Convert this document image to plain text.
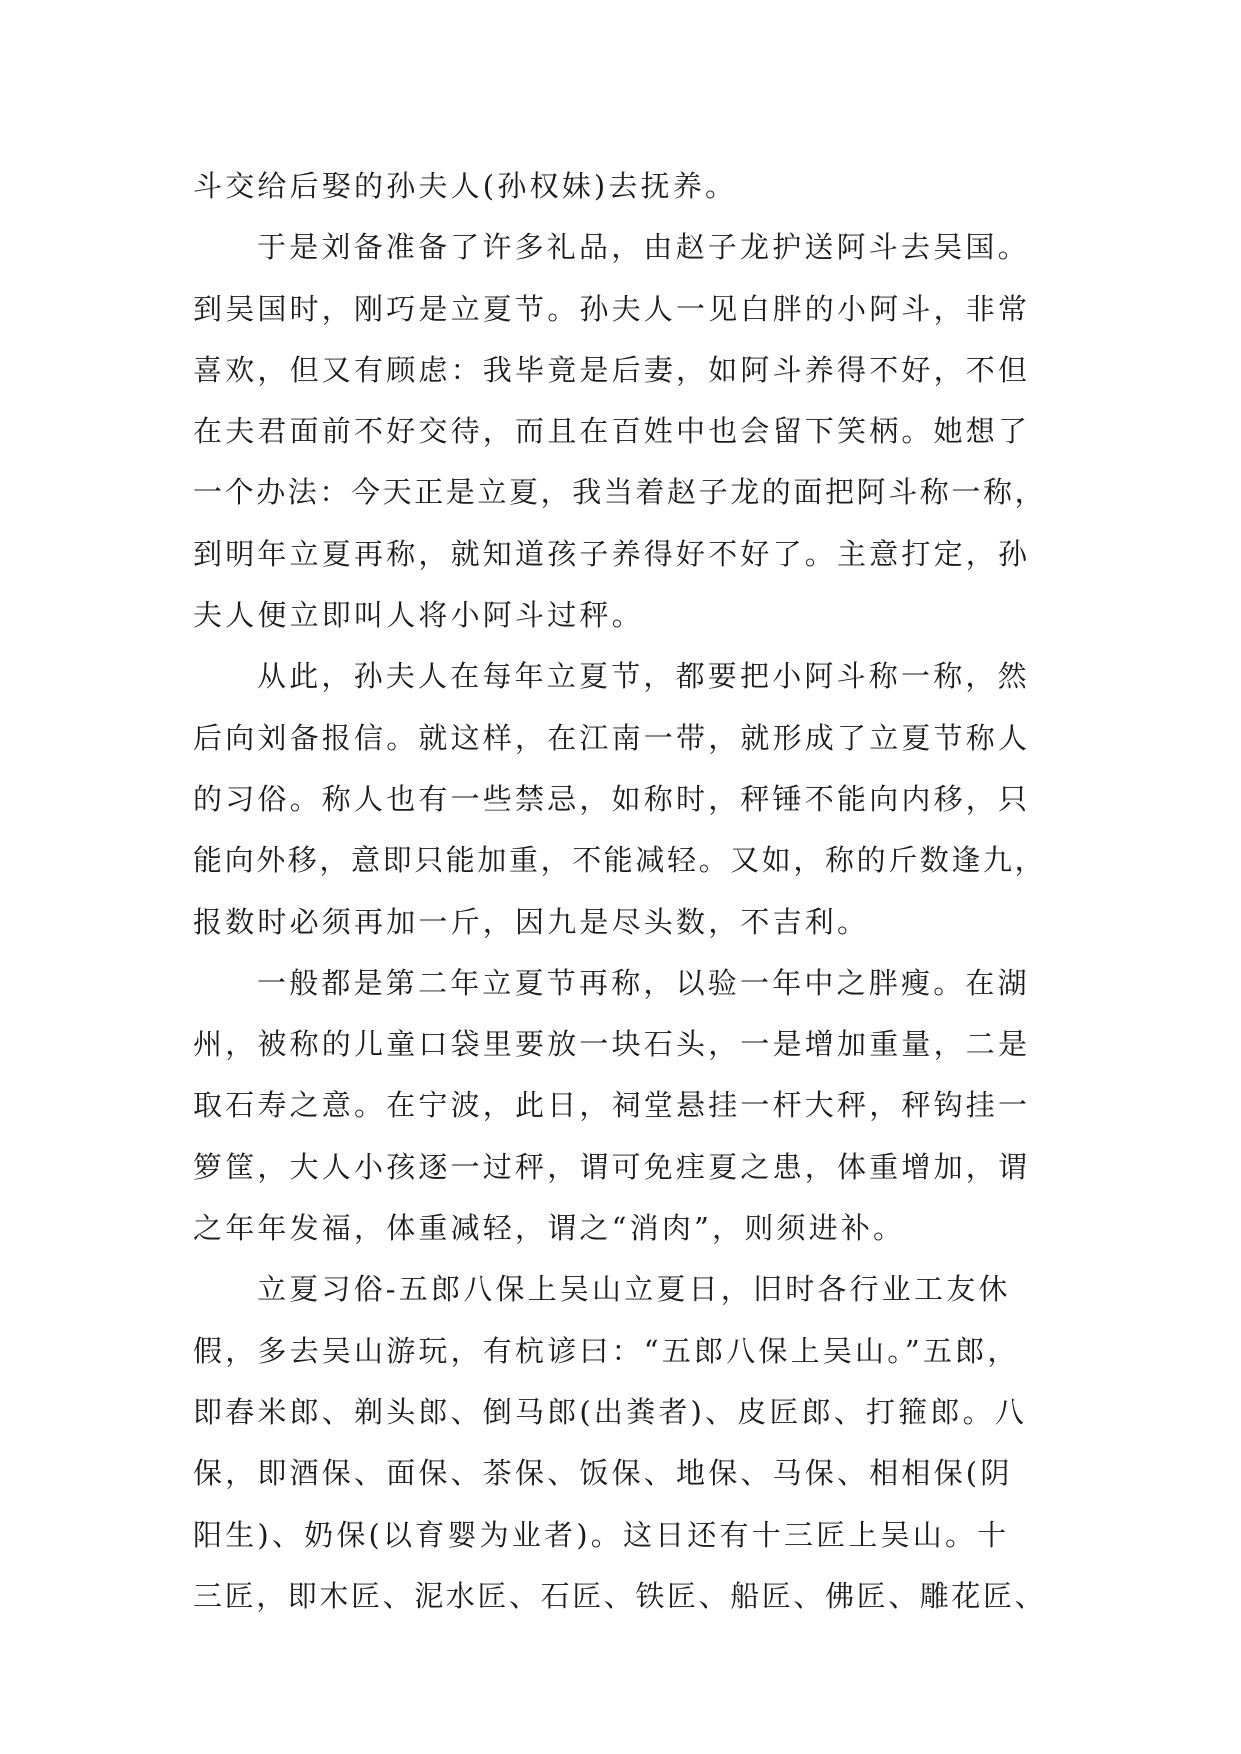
斗交给后娶的孙夫人(孙权妹)去抚养。
于是刘备准备了许多礼品，由赵子龙护送阿斗去吴国。
到吴国时，刚巧是立夏节。孙夫人一见白胖的小阿斗，非常
喜欢，但又有顾虑：我毕竟是后妻，如阿斗养得不好，不但
在夫君面前不好交待，而且在百姓中也会留下笑柄。她想了
一个办法：今天正是立夏，我当着赵子龙的面把阿斗称一称，
到明年立夏再称，就知道孩子养得好不好了。主意打定，孙
夫人便立即叫人将小阿斗过秤。
从此，孙夫人在每年立夏节，都要把小阿斗称一称，然
后向刘备报信。就这样，在江南一带，就形成了立夏节称人
的习俗。称人也有一些禁忌，如称时，秤锤不能向内移，只
能向外移，意即只能加重，不能减轻。又如，称的斤数逢九，
报数时必须再加一斤，因九是尽头数，不吉利。
一般都是第二年立夏节再称，以验一年中之胖瘦。在湖
州，被称的儿童口袋里要放一块石头，一是增加重量，二是
取石寿之意。在宁波，此日，祠堂悬挂一杆大秤，秤钩挂一
箩筐，大人小孩逐一过秤，谓可免疰夏之患，体重增加，谓
之年年发福，体重减轻，谓之“消肉”，则须进补。
立夏习俗-五郎八保上吴山立夏日，旧时各行业工友休
假，多去吴山游玩，有杭谚曰：“五郎八保上吴山。”五郎，
即舂米郎、剃头郎、倒马郎(出粪者)、皮匠郎、打箍郎。八
保，即酒保、面保、茶保、饭保、地保、马保、相相保(阴
阳生)、奶保(以育婴为业者)。这日还有十三匠上吴山。十
三匠，即木匠、泥水匠、石匠、铁匠、船匠、佛匠、雕花匠、
